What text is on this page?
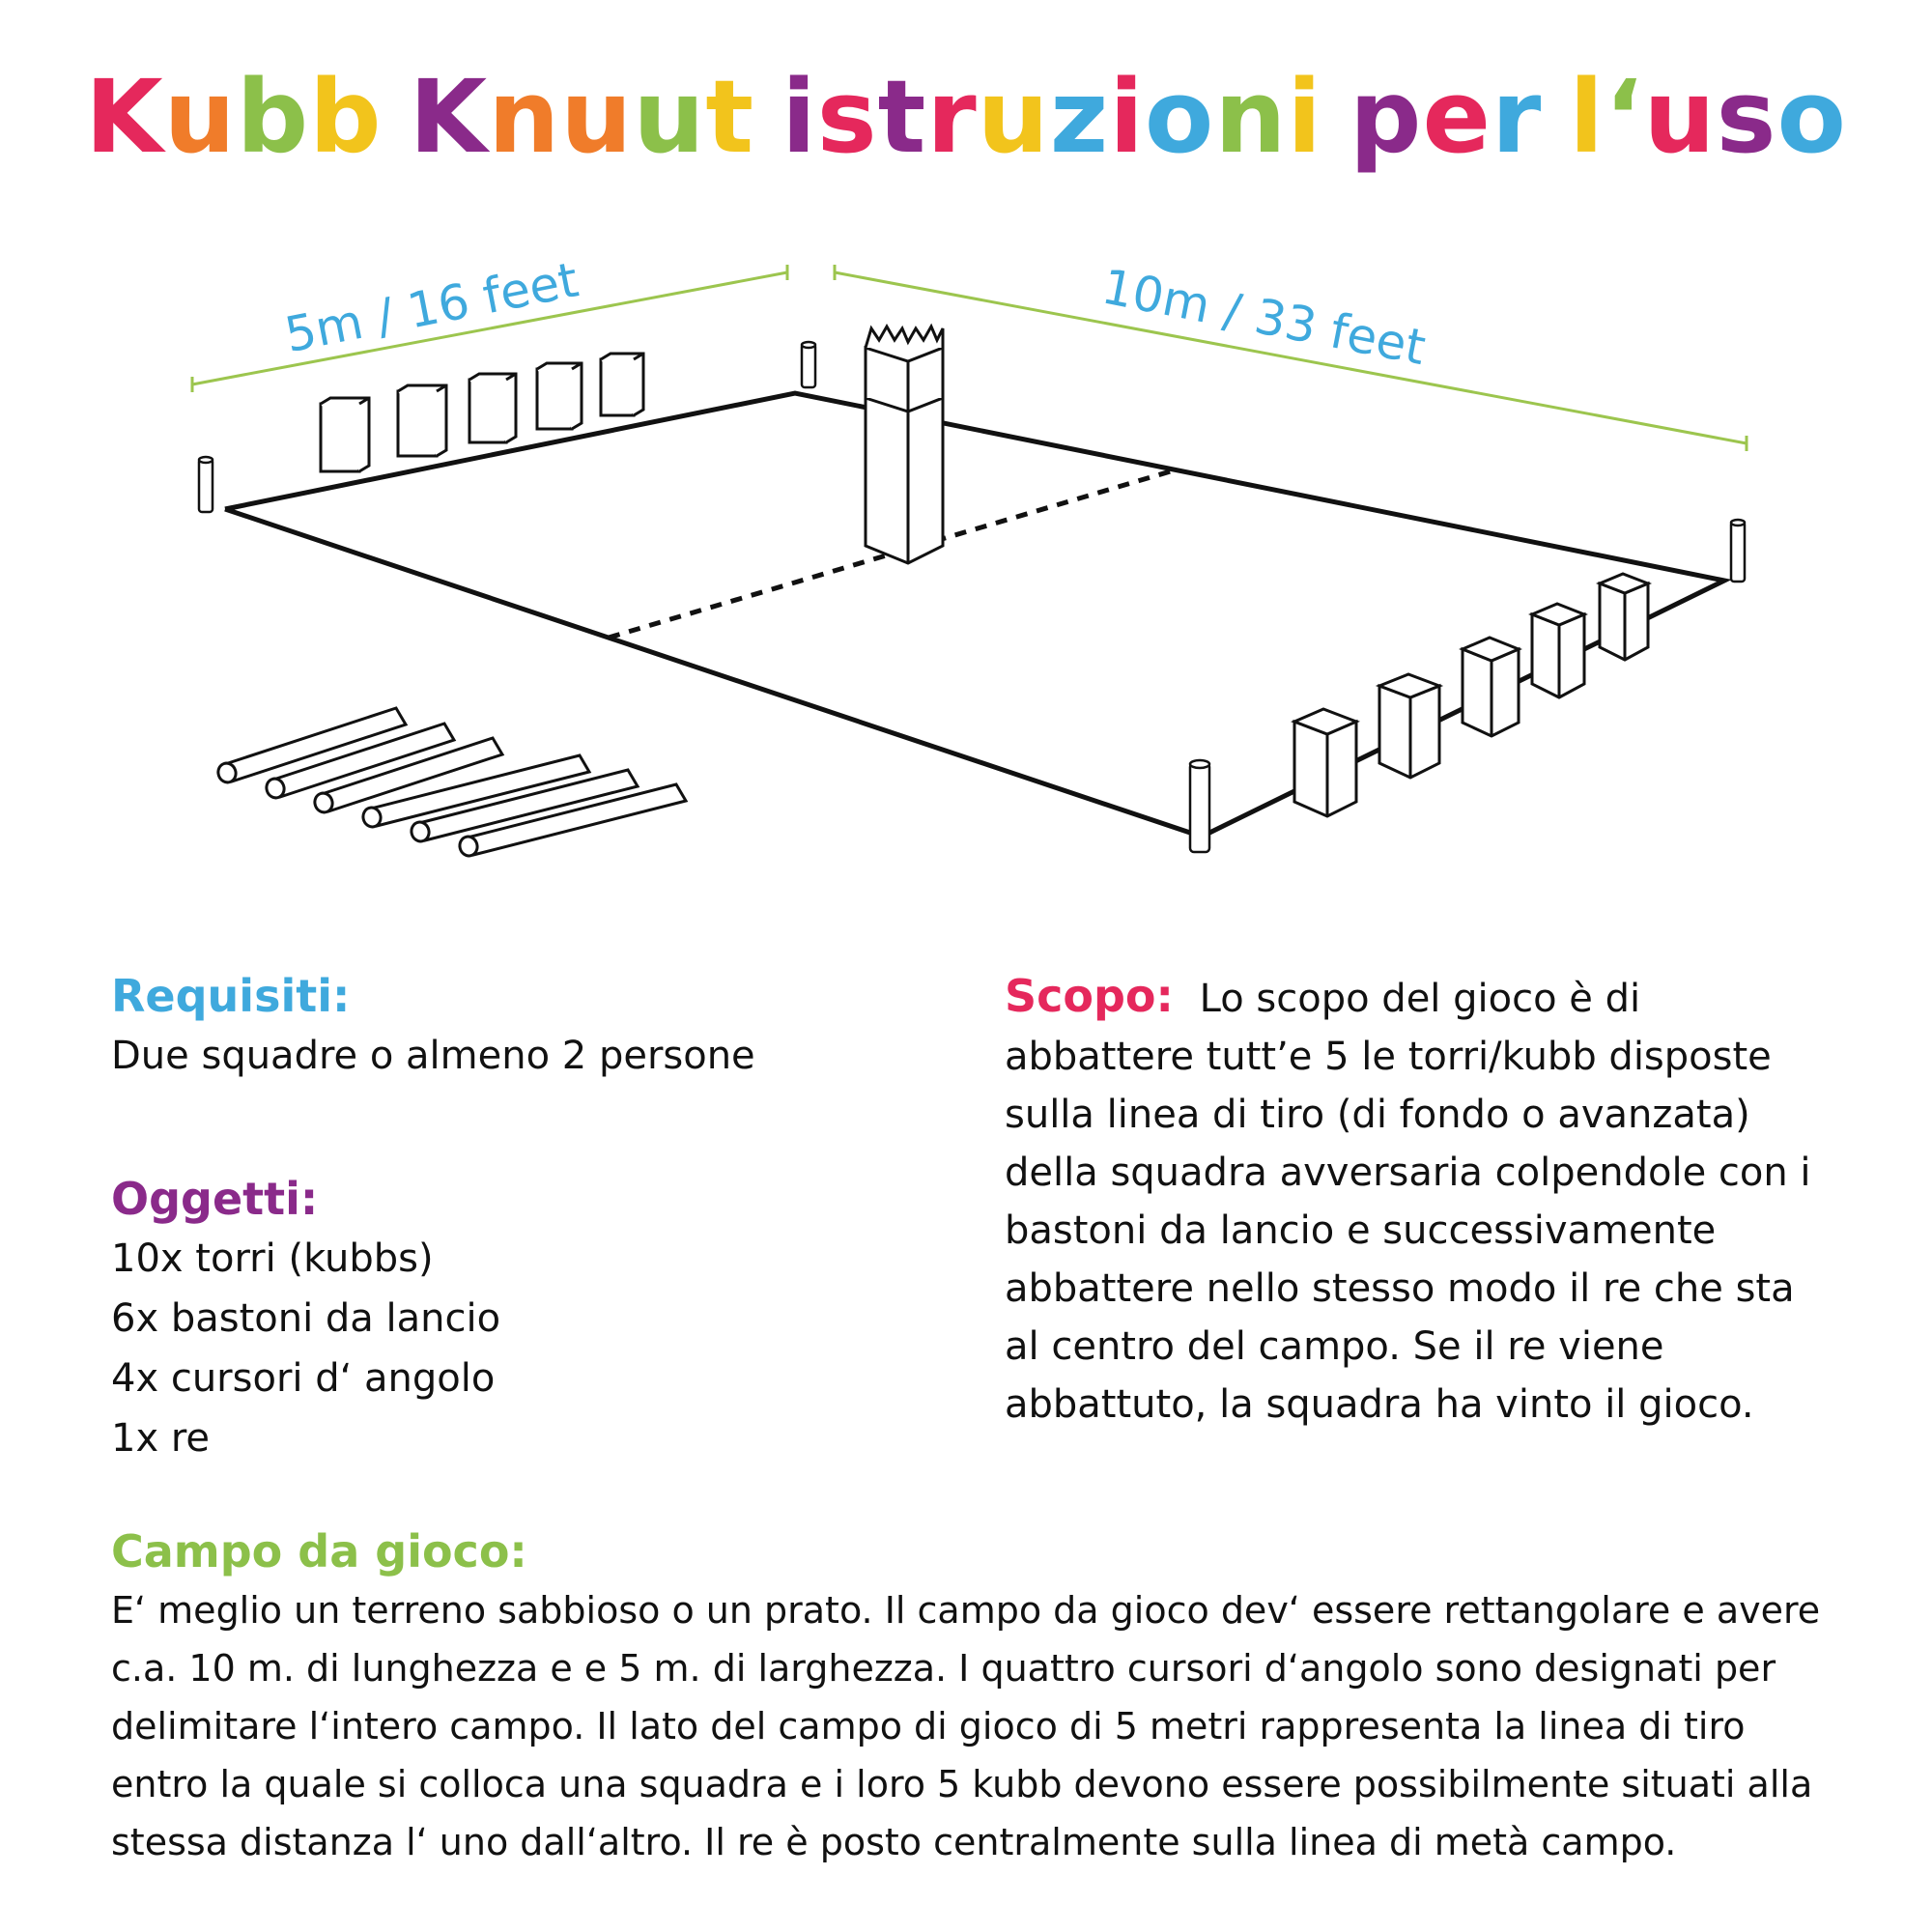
Kubb Knuut istruzioni per l‘uso
5m / 16 feet	10m / 33 feet
Requisiti:
Due squadre o almeno 2 persone
Oggetti:
10x torri (kubbs)
6x bastoni da lancio
4x cursori d‘ angolo
1x re
Scopo: Lo scopo del gioco è di abbattere tutt’e 5 le torri/kubb disposte sulla linea di tiro (di fondo o avanzata) della squadra avversaria colpendole con i bastoni da lancio e successivamente abbattere nello stesso modo il re che sta al centro del campo. Se il re viene abbattuto, la squadra ha vinto il gioco.
Campo da gioco:
E‘ meglio un terreno sabbioso o un prato. Il campo da gioco dev‘ essere rettangolare e avere c.a. 10 m. di lunghezza e e 5 m. di larghezza. I quattro cursori d‘angolo sono designati per delimitare l‘intero campo. Il lato del campo di gioco di 5 metri rappresenta la linea di tiro entro la quale si colloca una squadra e i loro 5 kubb devono essere possibilmente situati alla stessa distanza l‘ uno dall‘altro. Il re è posto centralmente sulla linea di metà campo.
